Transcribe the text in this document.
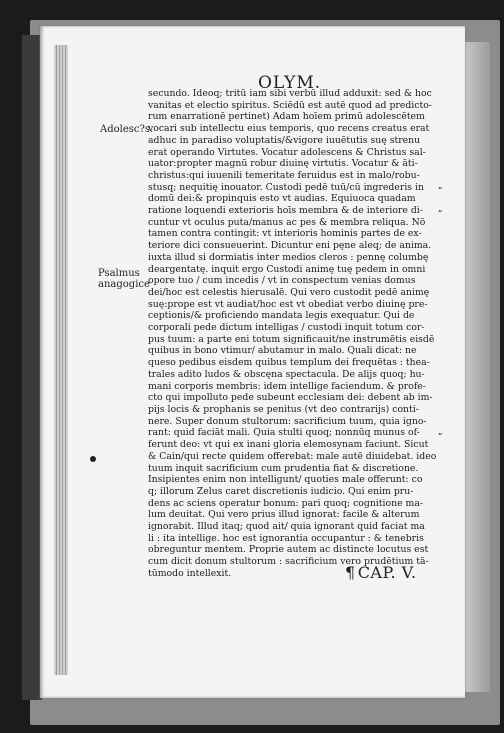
OLYM.
Adolesc?s.
Psalmus anagogice
„
„
„
secundo. Ideoq; tritū iam sibi verbū illud adduxit: sed & hoc
vanitas et electio spiritus. Sciēdū est autē quod ad predicto-
rum enarrationē pertinet) Adam hoīem primū adolescētem
vocari sub intellectu eius temporis, quo recens creatus erat
adhuc in paradiso voluptatis/&vigore iuuētutis suę strenu
erat operando Virtutes. Vocatur adolescens & Christus sal-
uator:propter magnū robur diuinę virtutis. Vocatur & āti-
christus:qui iuuenili temeritate feruidus est in malo/robu-
stusq; nequitię inouator. Custodi pedē tuū/cū ingrederis in
domū dei:& propinquis esto vt audias. Equiuoca quadam
ratione loquendi exterioris hoīs membra & de interiore di-
cuntur vt oculus puta/manus ac pes & membra reliqua. Nō
tamen contra contingit: vt interioris hominis partes de ex-
teriore dici consueuerint. Dicuntur eni pęne aleq; de anima.
iuxta illud si dormiatis inter medios cleros : pennę columbę
deargentatę. inquit ergo Custodi animę tuę pedem in omni
opore tuo / cum incedis / vt in conspectum venias domus
dei/hoc est celestis hierusalē. Qui vero custodit pedē animę
suę:prope est vt audiat/hoc est vt obediat verbo diuinę pre-
ceptionis/& proficiendo mandata legis exequatur. Qui de
corporali pede dictum intelligas / custodi inquit totum cor-
pus tuum: a parte eni totum significauit/ne instrumētis eisdē
quibus in bono vtimur/ abutamur in malo. Quali dicat: ne
queso pedibus eisdem quibus templum dei frequētas : thea-
trales adito ludos & obscęna spectacula. De alijs quoq; hu-
mani corporis membris: idem intellige faciendum. & profe-
cto qui impolluto pede subeunt ecclesiam dei: debent ab im-
pijs locis & prophanis se penitus (vt deo contrarijs) conti-
nere. Super donum stultorum: sacrificium tuum, quia igno-
rant: quid faciāt mali. Quia stulti quoq; nonnūq munus of-
ferunt deo: vt qui ex inani gloria elemosynam faciunt. Sicut
& Cain/qui recte quidem offerebat: male autē diuidebat. ideo
tuum inquit sacrificium cum prudentia fiat & discretione.
Insipientes enim non intelligunt/ quoties male offerunt: co
q; illorum Zelus caret discretionis iudicio. Qui enim pru-
dens ac sciens operatur bonum: pari quoq; cognitione ma-
lum deuitat. Qui vero prius illud ignorat: facile & alterum
ignorabit. Illud itaq; quod ait/ quia ignorant quid faciat ma
li : ita intellige. hoc est ignorantia occupantur : & tenebris
obreguntur mentem. Proprie autem ac distincte locutus est
cum dicit donum stultorum : sacrificium vero prudētium tā-
tūmodo intellexit.	¶ CAP. V.
